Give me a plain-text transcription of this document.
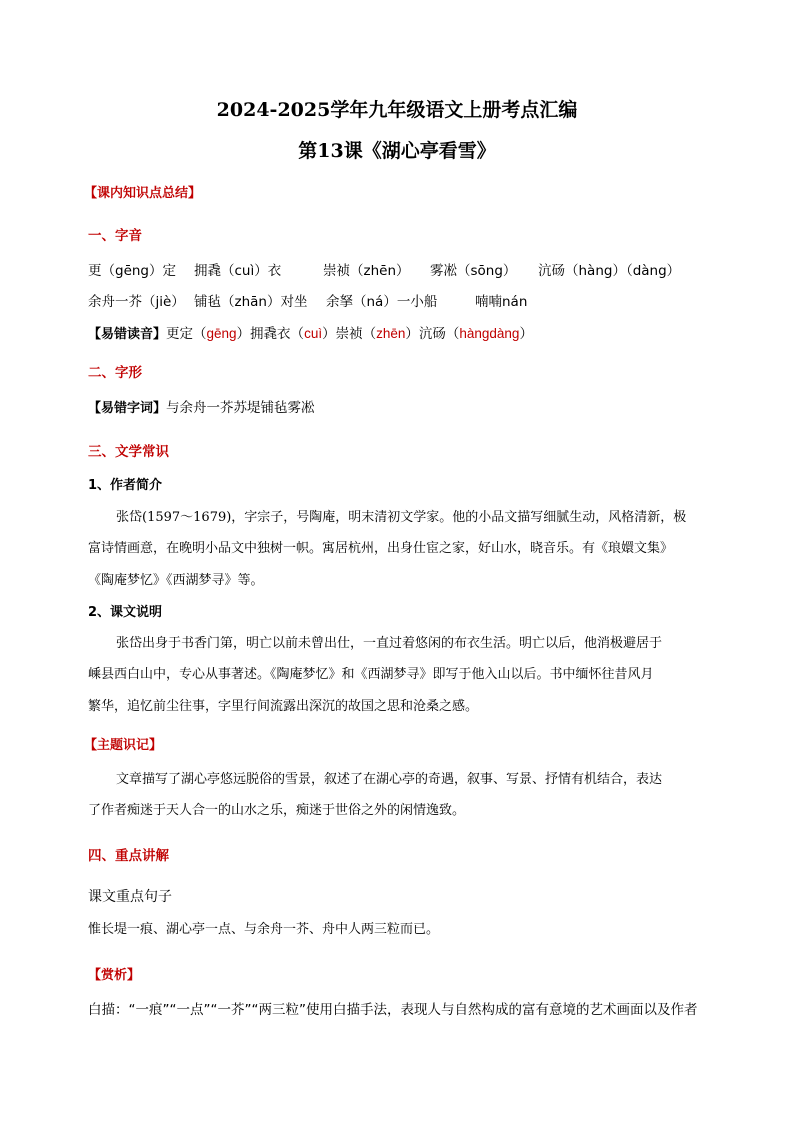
2024-2025学年九年级语文上册考点汇编
第13课《湖心亭看雪》
【课内知识点总结】
一、字音
更（gēng）定 拥毳（cuì）衣	崇祯（zhēn） 雾凇（sōng） 沆砀（hàng）（dàng）
余舟一芥（jiè） 铺毡（zhān）对坐 余拏（ná）一小船	喃喃nán
【易错读音】更定（gēng）拥毳衣（cuì）崇祯（zhēn）沆砀（hàngdàng）
二、字形
【易错字词】与余舟一芥苏堤铺毡雾凇
三、文学常识
1、作者简介
张岱(1597～1679)，字宗子，号陶庵，明末清初文学家。他的小品文描写细腻生动，风格清新，极
富诗情画意，在晚明小品文中独树一帜。寓居杭州，出身仕宦之家，好山水，晓音乐。有《琅嬛文集》
《陶庵梦忆》《西湖梦寻》等。
2、课文说明
张岱出身于书香门第，明亡以前未曾出仕，一直过着悠闲的布衣生活。明亡以后，他消极避居于
嵊县西白山中，专心从事著述。《陶庵梦忆》和《西湖梦寻》即写于他入山以后。书中缅怀往昔风月
繁华，追忆前尘往事，字里行间流露出深沉的故国之思和沧桑之感。
【主题识记】
文章描写了湖心亭悠远脱俗的雪景，叙述了在湖心亭的奇遇，叙事、写景、抒情有机结合，表达
了作者痴迷于天人合一的山水之乐，痴迷于世俗之外的闲情逸致。
四、重点讲解
课文重点句子
惟长堤一痕、湖心亭一点、与余舟一芥、舟中人两三粒而已。
【赏析】
白描：“一痕”“一点”“一芥”“两三粒”使用白描手法，表现人与自然构成的富有意境的艺术画面以及作者
